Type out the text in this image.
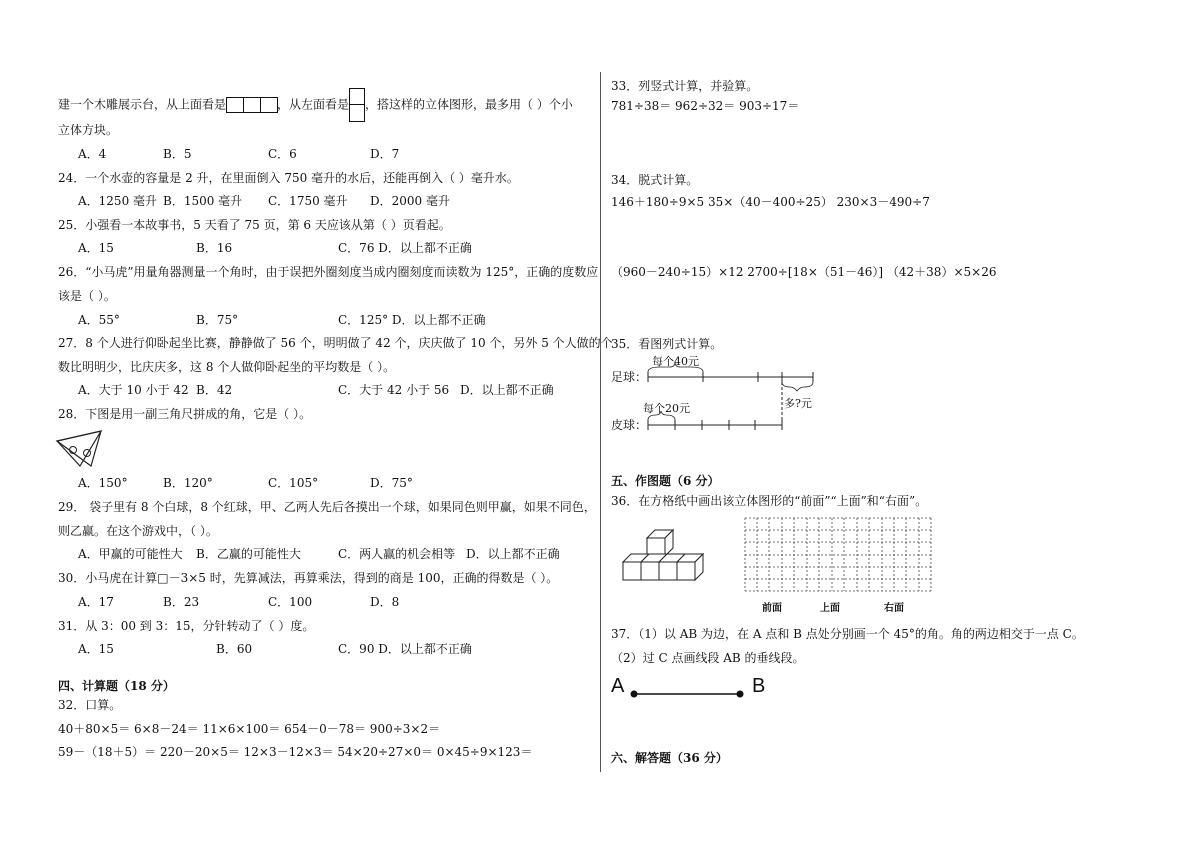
建一个木雕展示台，从上面看是	，从左面看是 ，搭这样的立体图形，最多用（ ）个小
立体方块。
A．4	B．5	C．6	D．7
24．一个水壶的容量是 2 升，在里面倒入 750 毫升的水后，还能再倒入（ ）毫升水。
A．1250 毫升 B．1500 毫升 C．1750 毫升 D．2000 毫升
25．小强看一本故事书，5 天看了 75 页，第 6 天应该从第（ ）页看起。
A．15	B．16	C．76 D．以上都不正确
26．“小马虎”用量角器测量一个角时，由于误把外圈刻度当成内圈刻度而读数为 125°，正确的度数应
该是（ ）。
A．55°	B．75°	C．125° D．以上都不正确
27．8 个人进行仰卧起坐比赛，静静做了 56 个，明明做了 42 个，庆庆做了 10 个，另外 5 个人做的个
数比明明少，比庆庆多，这 8 个人做仰卧起坐的平均数是（ ）。
A．大于 10 小于 42 B．42	C．大于 42 小于 56 D．以上都不正确
28．下图是用一副三角尺拼成的角，它是（ ）。
A．150°	B．120°	C．105°	D．75°
29． 袋子里有 8 个白球，8 个红球，甲、乙两人先后各摸出一个球，如果同色则甲赢，如果不同色，
则乙赢。在这个游戏中，（ ）。
A．甲赢的可能性大 B．乙赢的可能性大	C．两人赢的机会相等 D．以上都不正确
30．小马虎在计算□－3×5 时，先算减法，再算乘法，得到的商是 100，正确的得数是（ ）。
A．17	B．23	C．100	D．8
31．从 3：00 到 3：15，分针转动了（ ）度。
A．15	B．60	C．90 D．以上都不正确
四、计算题（18 分）
32．口算。
40＋80×5＝ 6×8－24＝ 11×6×100＝ 654－0－78＝ 900÷3×2＝
59－（18＋5）＝ 220－20×5＝ 12×3－12×3＝ 54×20÷27×0＝ 0×45÷9×123＝
33．列竖式计算，并验算。
781÷38＝ 962÷32＝ 903÷17＝
34．脱式计算。
146＋180÷9×5 35×（40－400÷25） 230×3－490÷7
（960－240÷15）×12 2700÷[18×（51－46）] （42＋38）×5×26
35．看图列式计算。
足球：
皮球：
每个40元
每个20元	多?元
五、作图题（6 分）
36．在方格纸中画出该立体图形的“前面”“上面”和“右面”。
前面	上面	右面
37．（1）以 AB 为边，在 A 点和 B 点处分别画一个 45°的角。角的两边相交于一点 C。
（2）过 C 点画线段 AB 的垂线段。
A	B
六、解答题（36 分）
